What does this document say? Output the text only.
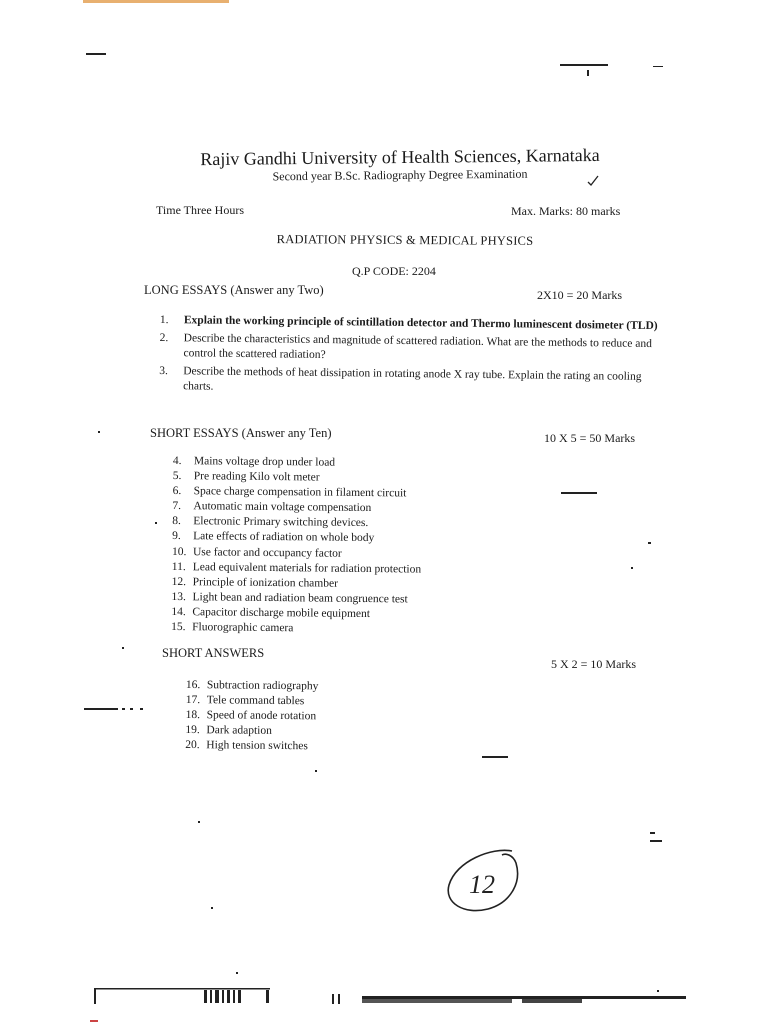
Rajiv Gandhi University of Health Sciences, Karnataka
Second year B.Sc. Radiography Degree Examination
Time Three Hours	Max. Marks: 80 marks
RADIATION PHYSICS & MEDICAL PHYSICS
Q.P CODE: 2204
LONG ESSAYS (Answer any Two)	2X10 = 20 Marks
1.	Explain the working principle of scintillation detector and Thermo luminescent dosimeter (TLD)
2.	Describe the characteristics and magnitude of scattered radiation. What are the methods to reduce and control the scattered radiation?
3.	Describe the methods of heat dissipation in rotating anode X ray tube. Explain the rating an cooling charts.
SHORT ESSAYS (Answer any Ten)	10 X 5 = 50 Marks
4.	Mains voltage drop under load
5.	Pre reading Kilo volt meter
6.	Space charge compensation in filament circuit
7.	Automatic main voltage compensation
8.	Electronic Primary switching devices.
9.	Late effects of radiation on whole body
10. Use factor and occupancy factor
11. Lead equivalent materials for radiation protection
12. Principle of ionization chamber
13. Light bean and radiation beam congruence test
14. Capacitor discharge mobile equipment
15. Fluorographic camera
SHORT ANSWERS
5 X 2 = 10 Marks
16. Subtraction radiography
17. Tele command tables
18. Speed of anode rotation
19. Dark adaption
20. High tension switches
12
